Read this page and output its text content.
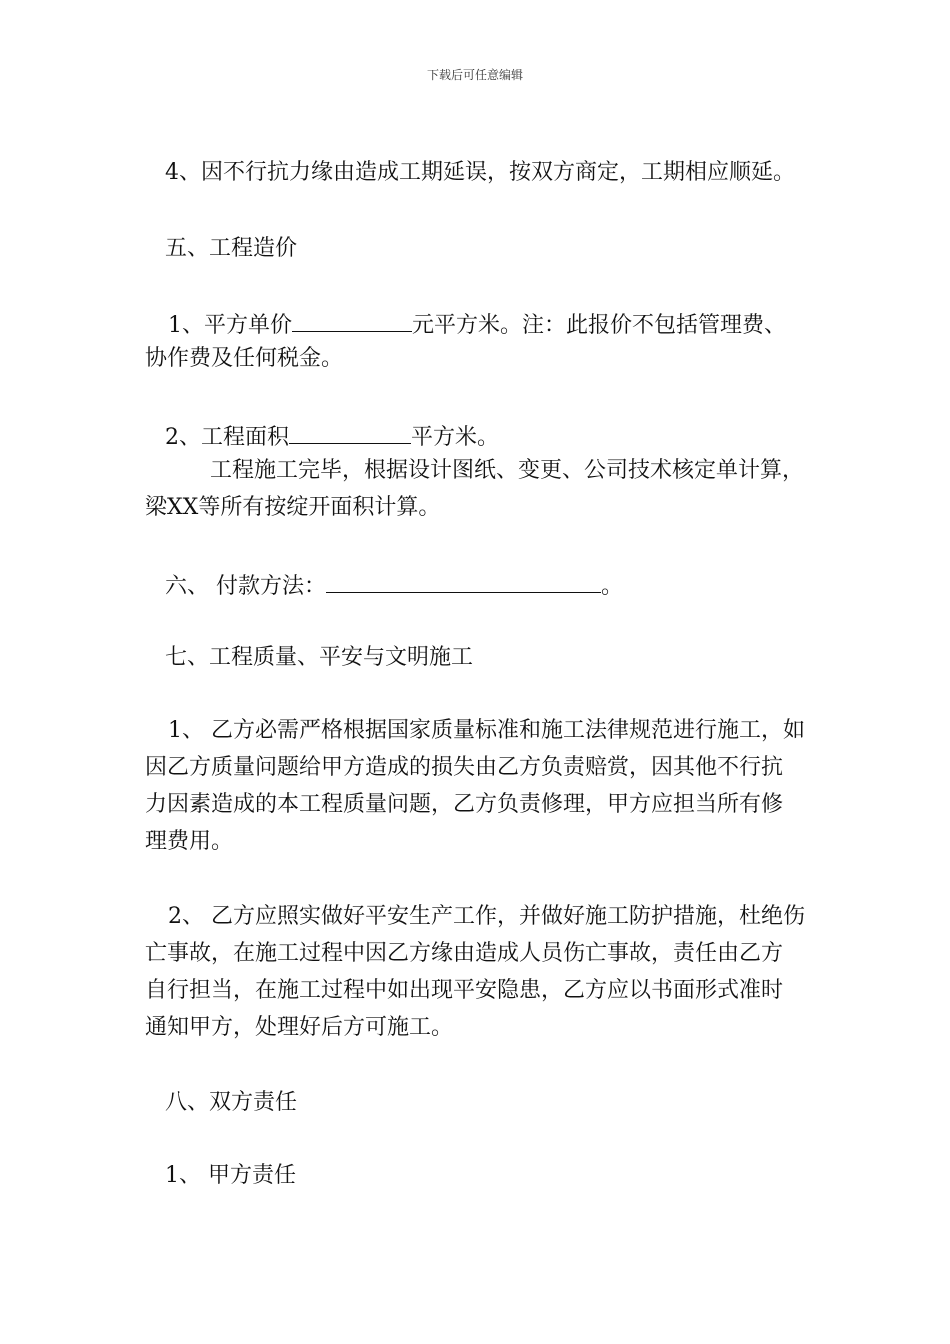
下载后可任意编辑
4、因不行抗力缘由造成工期延误，按双方商定，工期相应顺延。
五、工程造价
1、平方单价	元平方米。注：此报价不包括管理费、
协作费及任何税金。
2、工程面积	平方米。
工程施工完毕，根据设计图纸、变更、公司技术核定单计算，
梁XX等所有按绽开面积计算。
六、 付款方法：	。
七、工程质量、平安与文明施工
1、 乙方必需严格根据国家质量标准和施工法律规范进行施工，如
因乙方质量问题给甲方造成的损失由乙方负责赔赏，因其他不行抗
力因素造成的本工程质量问题，乙方负责修理，甲方应担当所有修
理费用。
2、 乙方应照实做好平安生产工作，并做好施工防护措施，杜绝伤
亡事故，在施工过程中因乙方缘由造成人员伤亡事故，责任由乙方
自行担当，在施工过程中如出现平安隐患，乙方应以书面形式准时
通知甲方，处理好后方可施工。
八、双方责任
1、 甲方责任
